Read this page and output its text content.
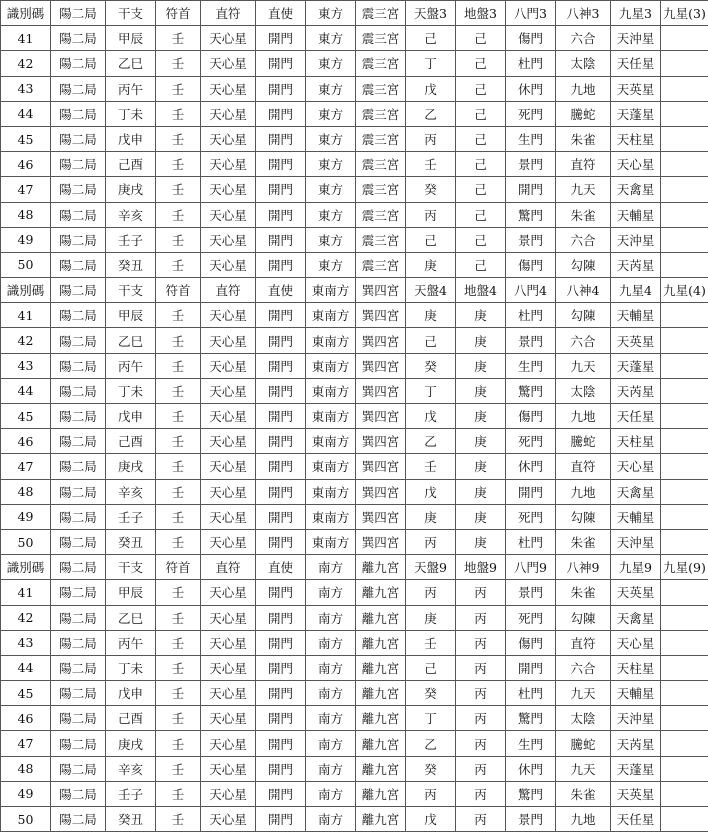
識別碼	陽二局	干支	符首	直符	直使	東方	震三宮	天盤3	地盤3	八門3	八神3	九星3	九星(3)
41	陽二局	甲辰	壬	天心星	開門	東方	震三宮	己	己	傷門	六合	天沖星	
42	陽二局	乙巳	壬	天心星	開門	東方	震三宮	丁	己	杜門	太陰	天任星	
43	陽二局	丙午	壬	天心星	開門	東方	震三宮	戊	己	休門	九地	天英星	
44	陽二局	丁未	壬	天心星	開門	東方	震三宮	乙	己	死門	騰蛇	天蓬星	
45	陽二局	戊申	壬	天心星	開門	東方	震三宮	丙	己	生門	朱雀	天柱星	
46	陽二局	己酉	壬	天心星	開門	東方	震三宮	壬	己	景門	直符	天心星	
47	陽二局	庚戌	壬	天心星	開門	東方	震三宮	癸	己	開門	九天	天禽星	
48	陽二局	辛亥	壬	天心星	開門	東方	震三宮	丙	己	驚門	朱雀	天輔星	
49	陽二局	壬子	壬	天心星	開門	東方	震三宮	己	己	景門	六合	天沖星	
50	陽二局	癸丑	壬	天心星	開門	東方	震三宮	庚	己	傷門	勾陳	天芮星	
識別碼	陽二局	干支	符首	直符	直使	東南方	巽四宮	天盤4	地盤4	八門4	八神4	九星4	九星(4)
41	陽二局	甲辰	壬	天心星	開門	東南方	巽四宮	庚	庚	杜門	勾陳	天輔星	
42	陽二局	乙巳	壬	天心星	開門	東南方	巽四宮	己	庚	景門	六合	天英星	
43	陽二局	丙午	壬	天心星	開門	東南方	巽四宮	癸	庚	生門	九天	天蓬星	
44	陽二局	丁未	壬	天心星	開門	東南方	巽四宮	丁	庚	驚門	太陰	天芮星	
45	陽二局	戊申	壬	天心星	開門	東南方	巽四宮	戊	庚	傷門	九地	天任星	
46	陽二局	己酉	壬	天心星	開門	東南方	巽四宮	乙	庚	死門	騰蛇	天柱星	
47	陽二局	庚戌	壬	天心星	開門	東南方	巽四宮	壬	庚	休門	直符	天心星	
48	陽二局	辛亥	壬	天心星	開門	東南方	巽四宮	戊	庚	開門	九地	天禽星	
49	陽二局	壬子	壬	天心星	開門	東南方	巽四宮	庚	庚	死門	勾陳	天輔星	
50	陽二局	癸丑	壬	天心星	開門	東南方	巽四宮	丙	庚	杜門	朱雀	天沖星	
識別碼	陽二局	干支	符首	直符	直使	南方	離九宮	天盤9	地盤9	八門9	八神9	九星9	九星(9)
41	陽二局	甲辰	壬	天心星	開門	南方	離九宮	丙	丙	景門	朱雀	天英星	
42	陽二局	乙巳	壬	天心星	開門	南方	離九宮	庚	丙	死門	勾陳	天禽星	
43	陽二局	丙午	壬	天心星	開門	南方	離九宮	壬	丙	傷門	直符	天心星	
44	陽二局	丁未	壬	天心星	開門	南方	離九宮	己	丙	開門	六合	天柱星	
45	陽二局	戊申	壬	天心星	開門	南方	離九宮	癸	丙	杜門	九天	天輔星	
46	陽二局	己酉	壬	天心星	開門	南方	離九宮	丁	丙	驚門	太陰	天沖星	
47	陽二局	庚戌	壬	天心星	開門	南方	離九宮	乙	丙	生門	騰蛇	天芮星	
48	陽二局	辛亥	壬	天心星	開門	南方	離九宮	癸	丙	休門	九天	天蓬星	
49	陽二局	壬子	壬	天心星	開門	南方	離九宮	丙	丙	驚門	朱雀	天英星	
50	陽二局	癸丑	壬	天心星	開門	南方	離九宮	戊	丙	景門	九地	天任星	
